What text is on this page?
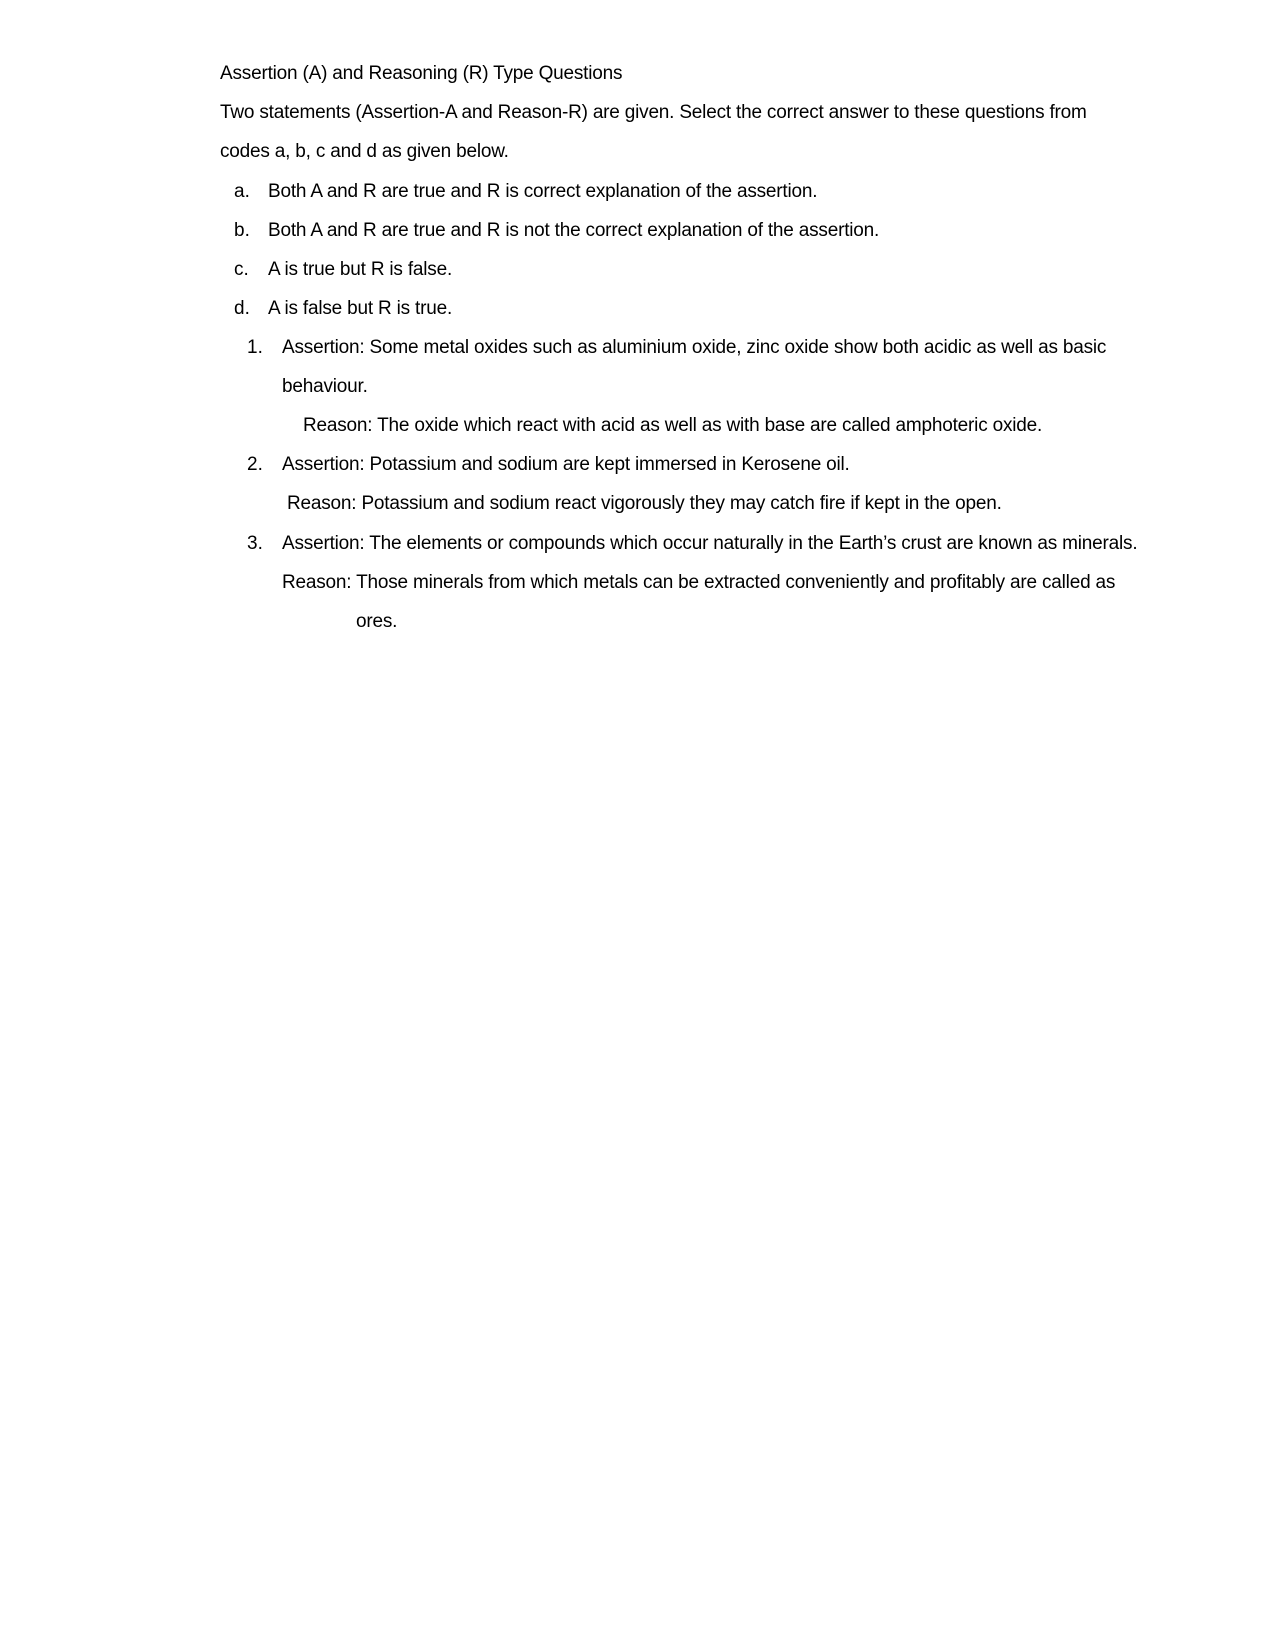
Assertion (A) and Reasoning (R) Type Questions
Two statements (Assertion-A and Reason-R) are given. Select the correct answer to these questions from
codes a, b, c and d as given below.
a. Both A and R are true and R is correct explanation of the assertion.
b. Both A and R are true and R is not the correct explanation of the assertion.
c. A is true but R is false.
d. A is false but R is true.
1. Assertion: Some metal oxides such as aluminium oxide, zinc oxide show both acidic as well as basic
behaviour.
Reason: The oxide which react with acid as well as with base are called amphoteric oxide.
2. Assertion: Potassium and sodium are kept immersed in Kerosene oil.
Reason: Potassium and sodium react vigorously they may catch fire if kept in the open.
3. Assertion: The elements or compounds which occur naturally in the Earth’s crust are known as minerals.
Reason: Those minerals from which metals can be extracted conveniently and profitably are called as
ores.
